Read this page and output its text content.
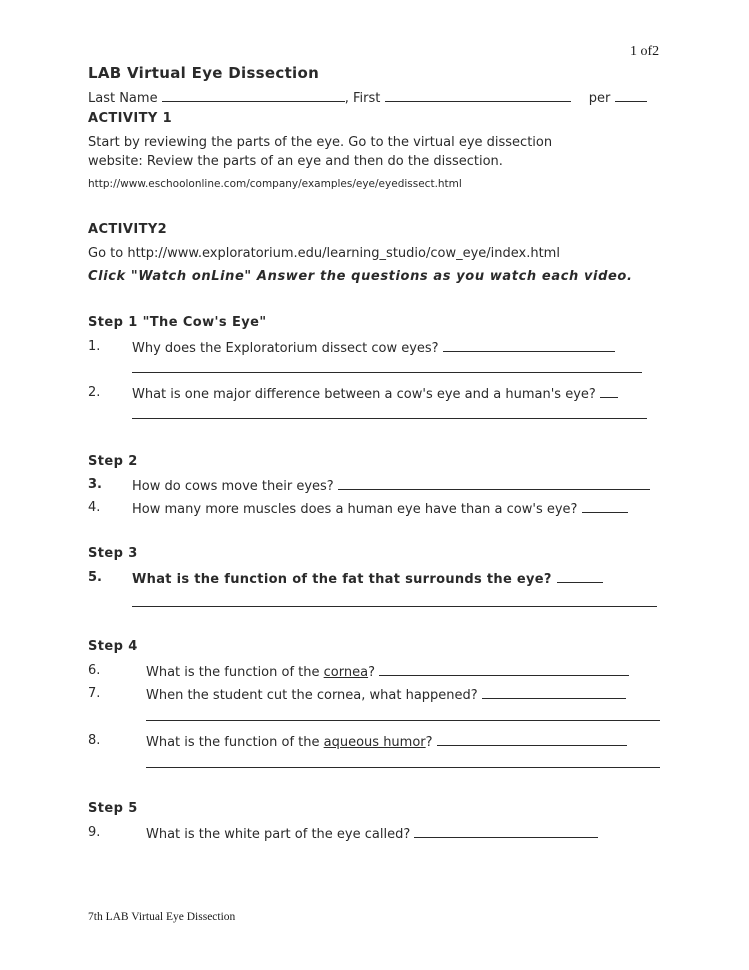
1 of2
LAB Virtual Eye Dissection
Last Name	, First	per
ACTIVITY 1
Start by reviewing the parts of the eye. Go to the virtual eye dissection
website: Review the parts of an eye and then do the dissection.
http://www.eschoolonline.com/company/examples/eye/eyedissect.html
ACTIVITY2
Go to http://www.exploratorium.edu/learning_studio/cow_eye/index.html
Click "Watch onLine" Answer the questions as you watch each video.
Step 1 "The Cow's Eye"
1. Why does the Exploratorium dissect cow eyes?
2. What is one major difference between a cow's eye and a human's eye?
Step 2
3. How do cows move their eyes?
4. How many more muscles does a human eye have than a cow's eye?
Step 3
5. What is the function of the fat that surrounds the eye?
Step 4
6.	What is the function of the cornea?
7.	When the student cut the cornea, what happened?
8.	What is the function of the aqueous humor?
Step 5
9.	What is the white part of the eye called?
7th LAB Virtual Eye Dissection
